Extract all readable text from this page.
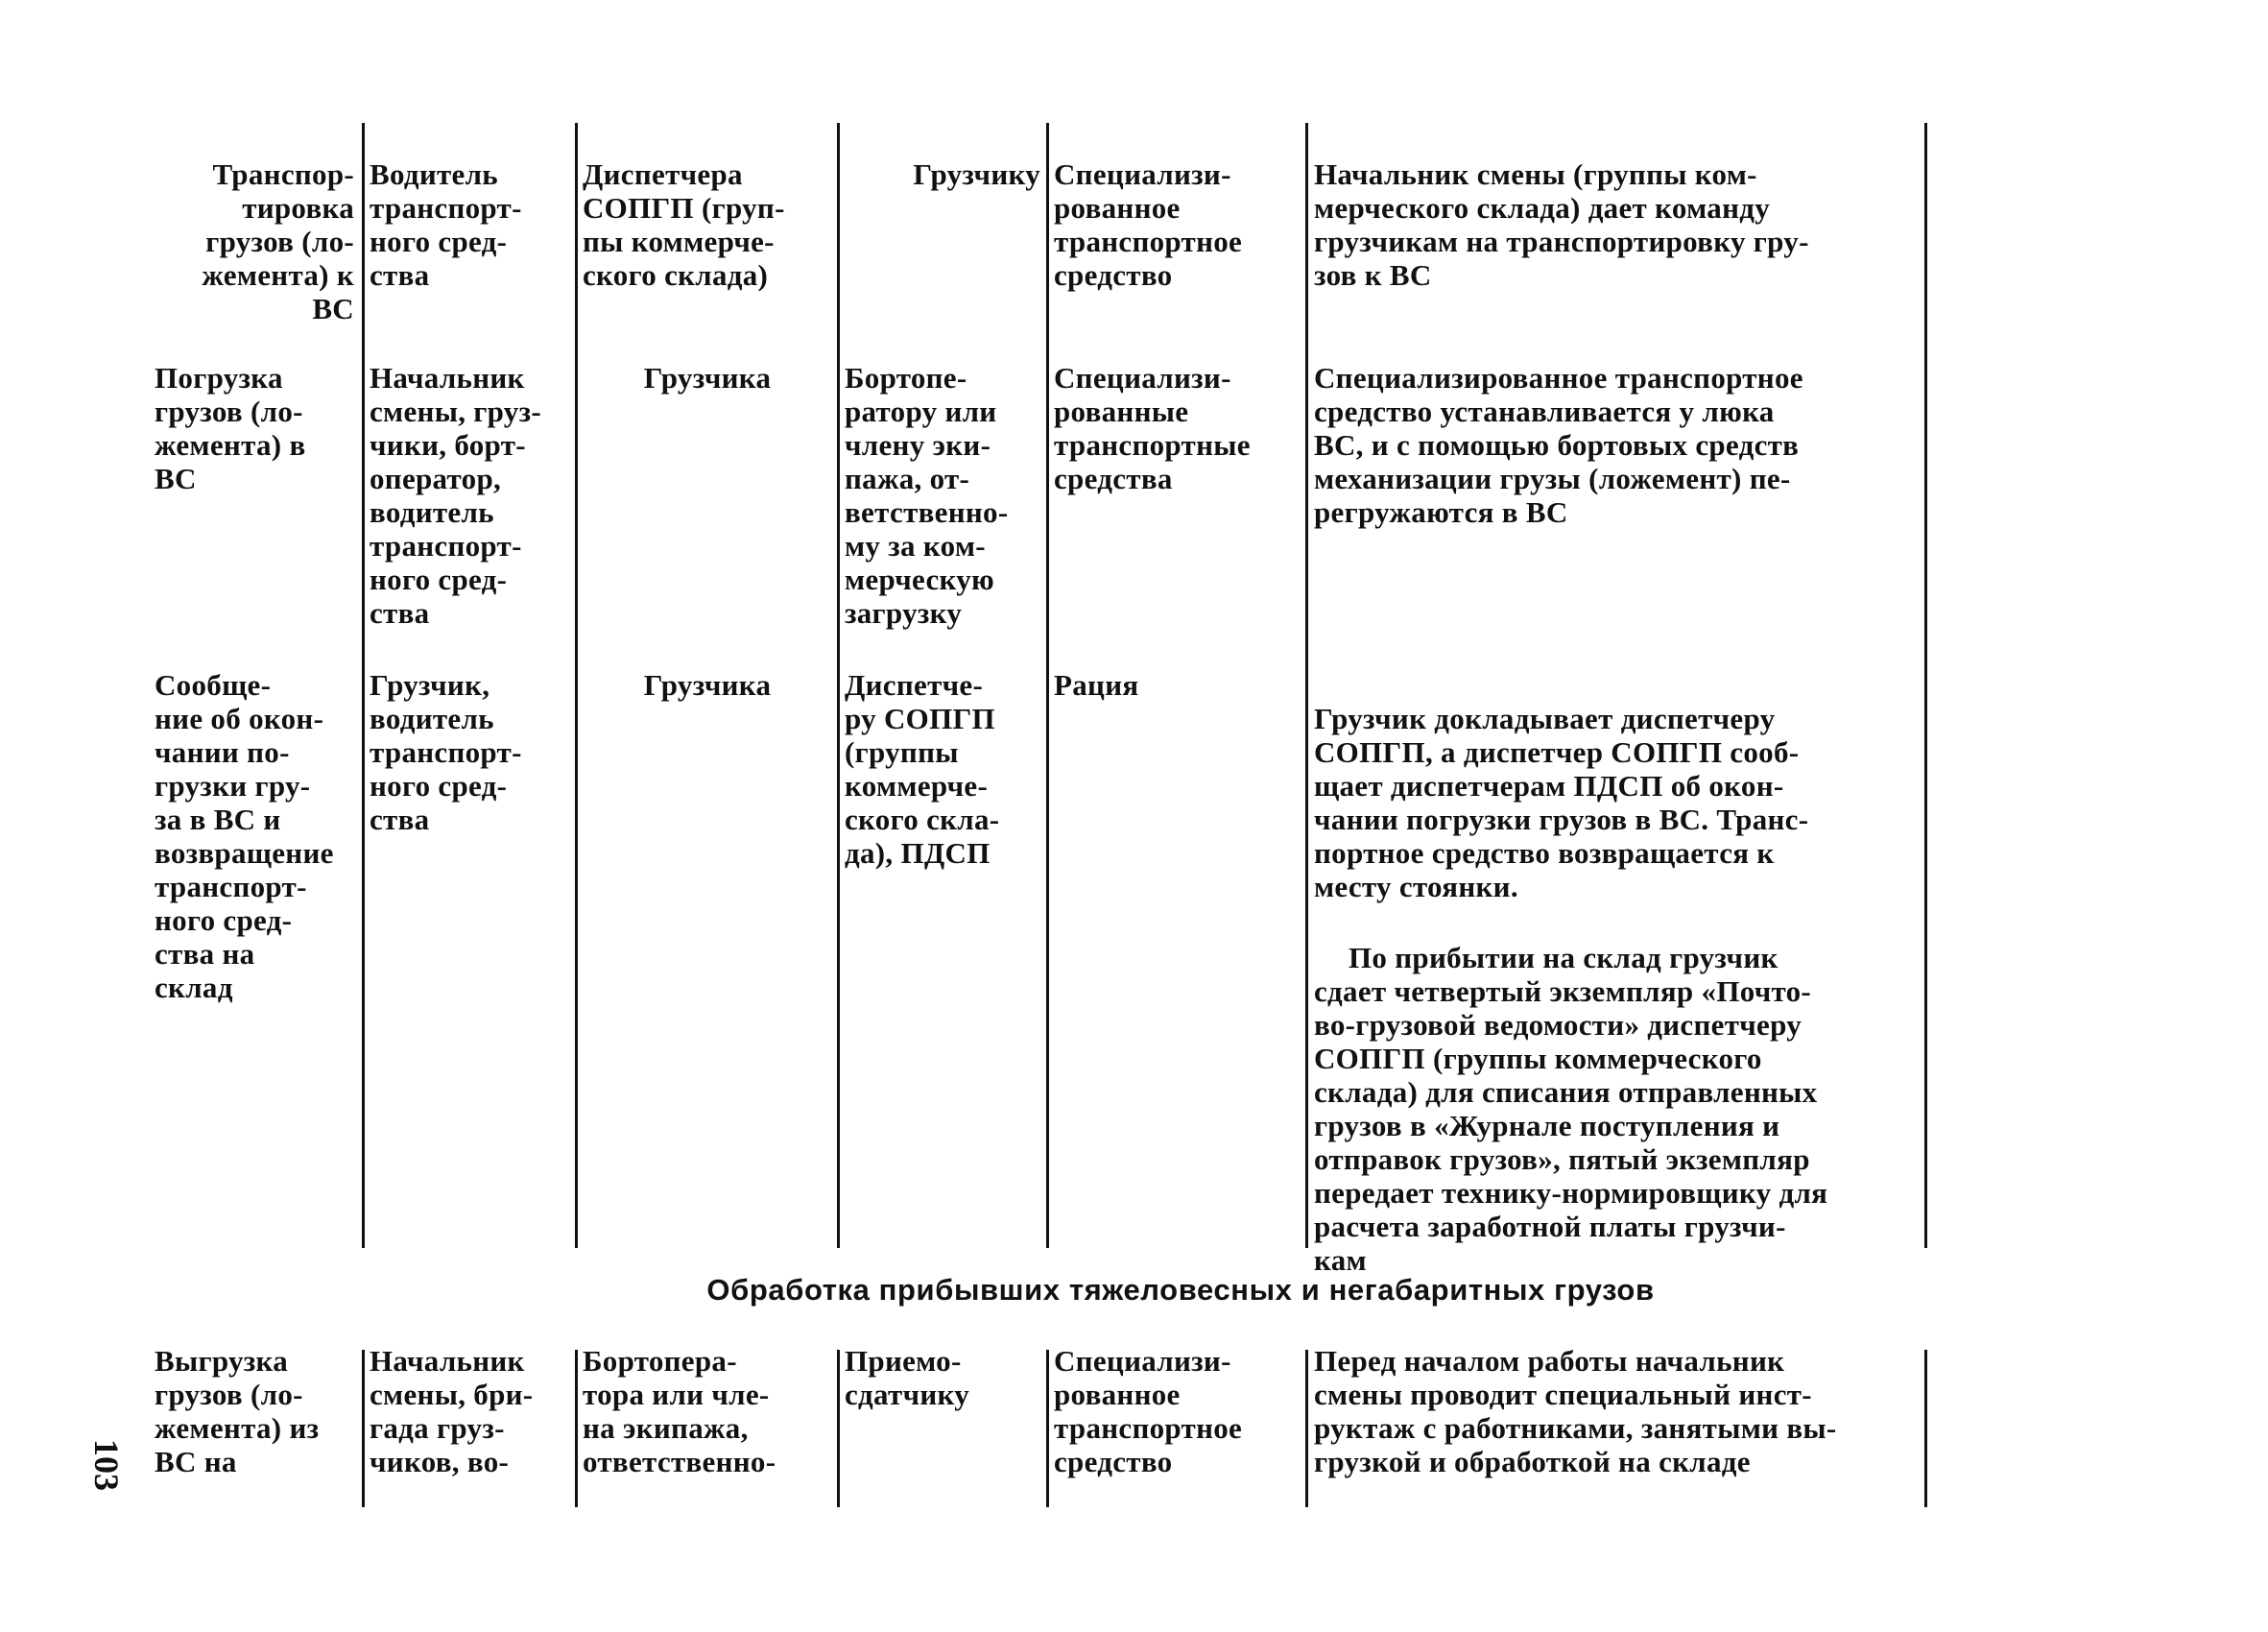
Транспор-
тировка
грузов (ло-
жемента) к
ВС
Водитель
транспорт-
ного сред-
ства
Диспетчера
СОПГП (груп-
пы коммерче-
ского склада)
Грузчику Специализи-
рованное
транспортное
средство
Начальник смены (группы ком-
мерческого склада) дает команду
грузчикам на транспортировку гру-
зов к ВС
Погрузка
грузов (ло-
жемента) в
ВС
Начальник
смены, груз-
чики, борт-
оператор,
водитель
транспорт-
ного сред-
ства
Грузчика	Бортопе-
ратору или
члену эки-
пажа, от-
ветственно-
му за ком-
мерческую
загрузку
Специализи-
рованные
транспортные
средства
Специализированное транспортное
средство устанавливается у люка
ВС, и с помощью бортовых средств
механизации грузы (ложемент) пе-
регружаются в ВС
Сообще-
ние об окон-
чании по-
грузки гру-
за в ВС и
возвращение
транспорт-
ного сред-
ства на
склад
Грузчик,
водитель
транспорт-
ного сред-
ства
Грузчика	Диспетче-
ру СОПГП
(группы
коммерче-
ского скла-
да), ПДСП
Рация

Грузчик докладывает диспетчеру
СОПГП, а диспетчер СОПГП сооб-
щает диспетчерам ПДСП об окон-
чании погрузки грузов в ВС. Транс-
портное средство возвращается к
месту стоянки.

По прибытии на склад грузчик
сдает четвертый экземпляр «Почто-
во-грузовой ведомости» диспетчеру
СОПГП (группы коммерческого
склада) для списания отправленных
грузов в «Журнале поступления и
отправок грузов», пятый экземпляр
передает технику-нормировщику для
расчета заработной платы грузчи-
кам

Обработка прибывших тяжеловесных и негабаритных грузов
Выгрузка
грузов (ло-
жемента) из
ВС на
Начальник
смены, бри-
гада груз-
чиков, во-
Бортопера-
тора или чле-
на экипажа,
ответственно-
Приемо-
сдатчику
Специализи-
рованное
транспортное
средство
Перед началом работы начальник
смены проводит специальный инст-
руктаж с работниками, занятыми вы-
грузкой и обработкой на складе
103
